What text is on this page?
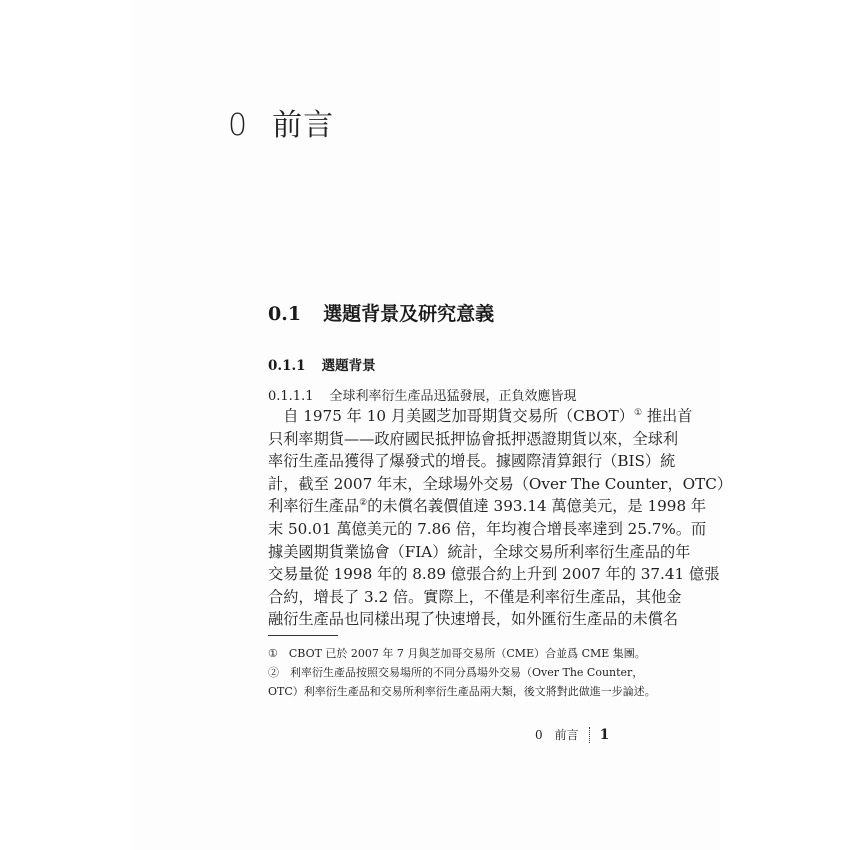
0 前言
0.1 選題背景及研究意義
0.1.1 選題背景
0.1.1.1 全球利率衍生產品迅猛發展，正負效應皆現
　自 1975 年 10 月美國芝加哥期貨交易所（CBOT）① 推出首
只利率期貨——政府國民抵押協會抵押憑證期貨以來，全球利
率衍生產品獲得了爆發式的增長。據國際清算銀行（BIS）統
計，截至 2007 年末，全球場外交易（Over The Counter，OTC）
利率衍生產品②的未償名義價值達 393.14 萬億美元，是 1998 年
末 50.01 萬億美元的 7.86 倍，年均複合增長率達到 25.7%。而
據美國期貨業協會（FIA）統計，全球交易所利率衍生產品的年
交易量從 1998 年的 8.89 億張合約上升到 2007 年的 37.41 億張
合約，增長了 3.2 倍。實際上，不僅是利率衍生產品，其他金
融衍生產品也同樣出現了快速增長，如外匯衍生產品的未償名
①　CBOT 已於 2007 年 7 月與芝加哥交易所（CME）合並爲 CME 集團。
②　利率衍生產品按照交易場所的不同分爲場外交易（Over The Counter，
OTC）利率衍生產品和交易所利率衍生產品兩大類，後文將對此做進一步論述。
0 前言 1
